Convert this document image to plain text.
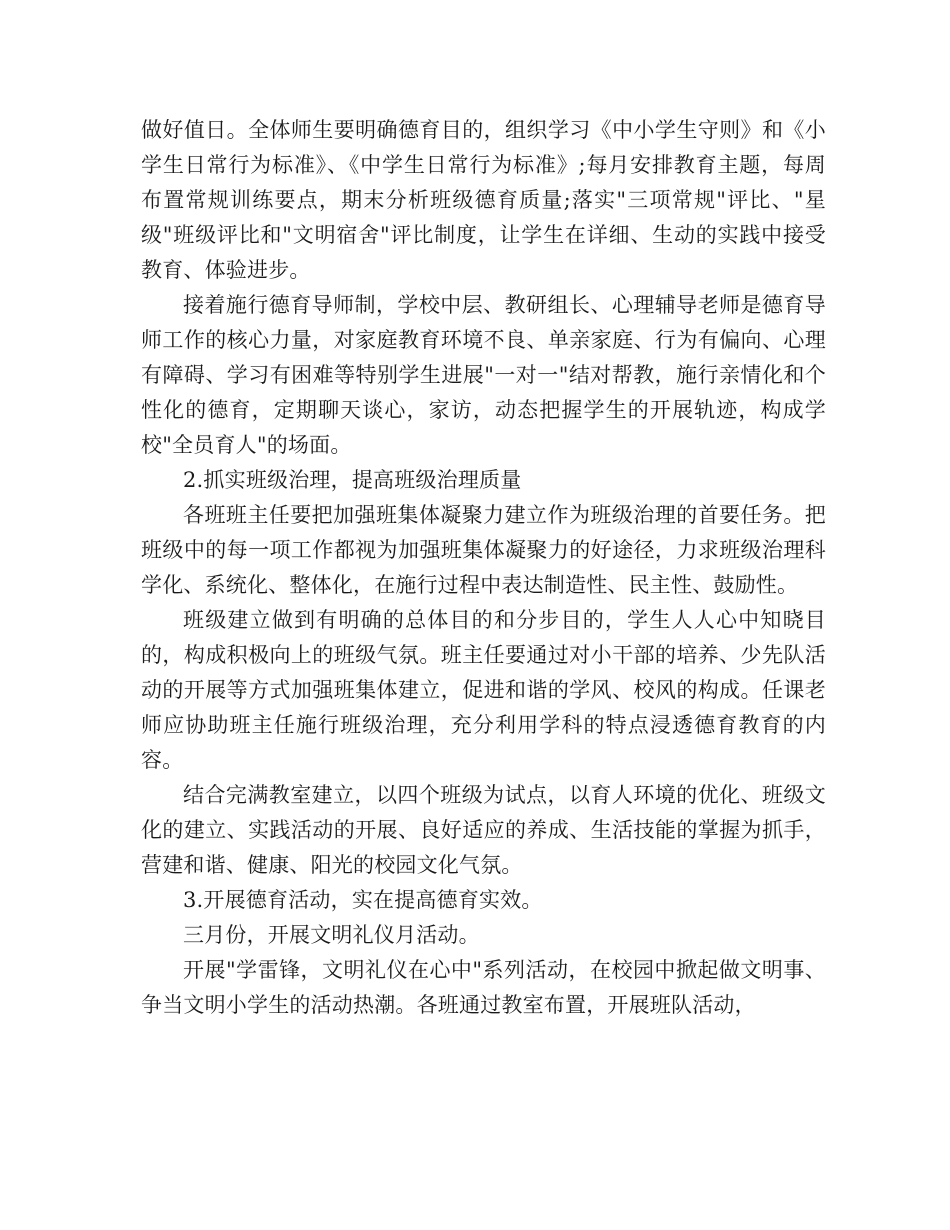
做好值日。全体师生要明确德育目的，组织学习《中小学生守则》和《小学生日常行为标准》、《中学生日常行为标准》;每月安排教育主题，每周布置常规训练要点，期末分析班级德育质量;落实"三项常规"评比、"星级"班级评比和"文明宿舍"评比制度，让学生在详细、生动的实践中接受教育、体验进步。

接着施行德育导师制，学校中层、教研组长、心理辅导老师是德育导师工作的核心力量，对家庭教育环境不良、单亲家庭、行为有偏向、心理有障碍、学习有困难等特别学生进展"一对一"结对帮教，施行亲情化和个性化的德育，定期聊天谈心，家访，动态把握学生的开展轨迹，构成学校"全员育人"的场面。

2.抓实班级治理，提高班级治理质量

各班班主任要把加强班集体凝聚力建立作为班级治理的首要任务。把班级中的每一项工作都视为加强班集体凝聚力的好途径，力求班级治理科学化、系统化、整体化，在施行过程中表达制造性、民主性、鼓励性。

班级建立做到有明确的总体目的和分步目的，学生人人心中知晓目的，构成积极向上的班级气氛。班主任要通过对小干部的培养、少先队活动的开展等方式加强班集体建立，促进和谐的学风、校风的构成。任课老师应协助班主任施行班级治理，充分利用学科的特点浸透德育教育的内容。

结合完满教室建立，以四个班级为试点，以育人环境的优化、班级文化的建立、实践活动的开展、良好适应的养成、生活技能的掌握为抓手，营建和谐、健康、阳光的校园文化气氛。

3.开展德育活动，实在提高德育实效。

三月份，开展文明礼仪月活动。

开展"学雷锋，文明礼仪在心中"系列活动，在校园中掀起做文明事、争当文明小学生的活动热潮。各班通过教室布置，开展班队活动，
